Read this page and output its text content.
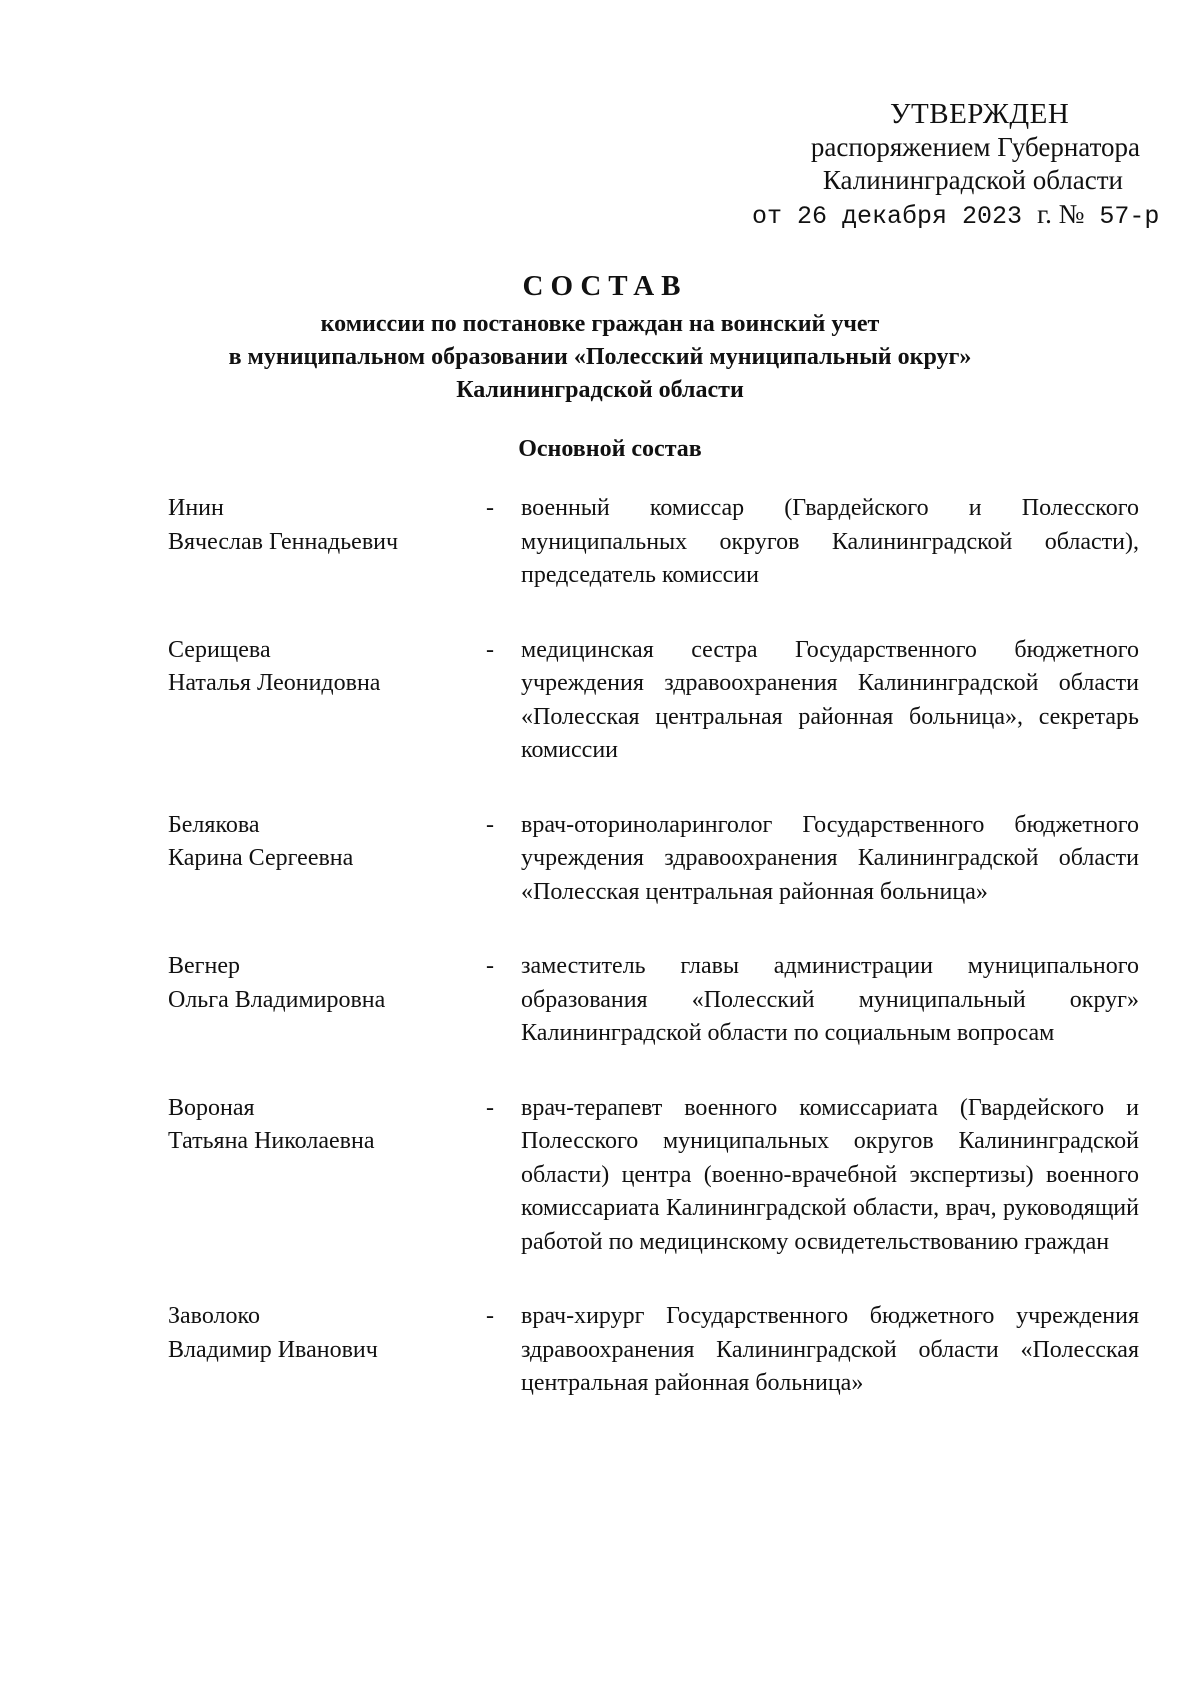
УТВЕРЖДЕН
распоряжением Губернатора
Калининградской области
от 26 декабря 2023 г. № 57-р
СОСТАВ
комиссии по постановке граждан на воинский учет
в муниципальном образовании «Полесский муниципальный округ»
Калининградской области
Основной состав
Инин
Вячеслав Геннадьевич
-	военный комиссар (Гвардейского и Полесского муниципальных округов Калининградской области), председатель комиссии
Серищева
Наталья Леонидовна
-	медицинская сестра Государственного бюджетного учреждения здравоохранения Калининградской области «Полесская центральная районная больница», секретарь комиссии
Белякова
Карина Сергеевна
-	врач-оториноларинголог Государственного бюджетного учреждения здравоохранения Калининградской области «Полесская центральная районная больница»
Вегнер
Ольга Владимировна
-	заместитель главы администрации муниципального образования «Полесский муниципальный округ» Калининградской области по социальным вопросам
Вороная
Татьяна Николаевна
-	врач-терапевт военного комиссариата (Гвардейского и Полесского муниципальных округов Калининградской области) центра (военно-врачебной экспертизы) военного комиссариата Калининградской области, врач, руководящий работой по медицинскому освидетельствованию граждан
Заволоко
Владимир Иванович
-	врач-хирург Государственного бюджетного учреждения здравоохранения Калининградской области «Полесская центральная районная больница»
